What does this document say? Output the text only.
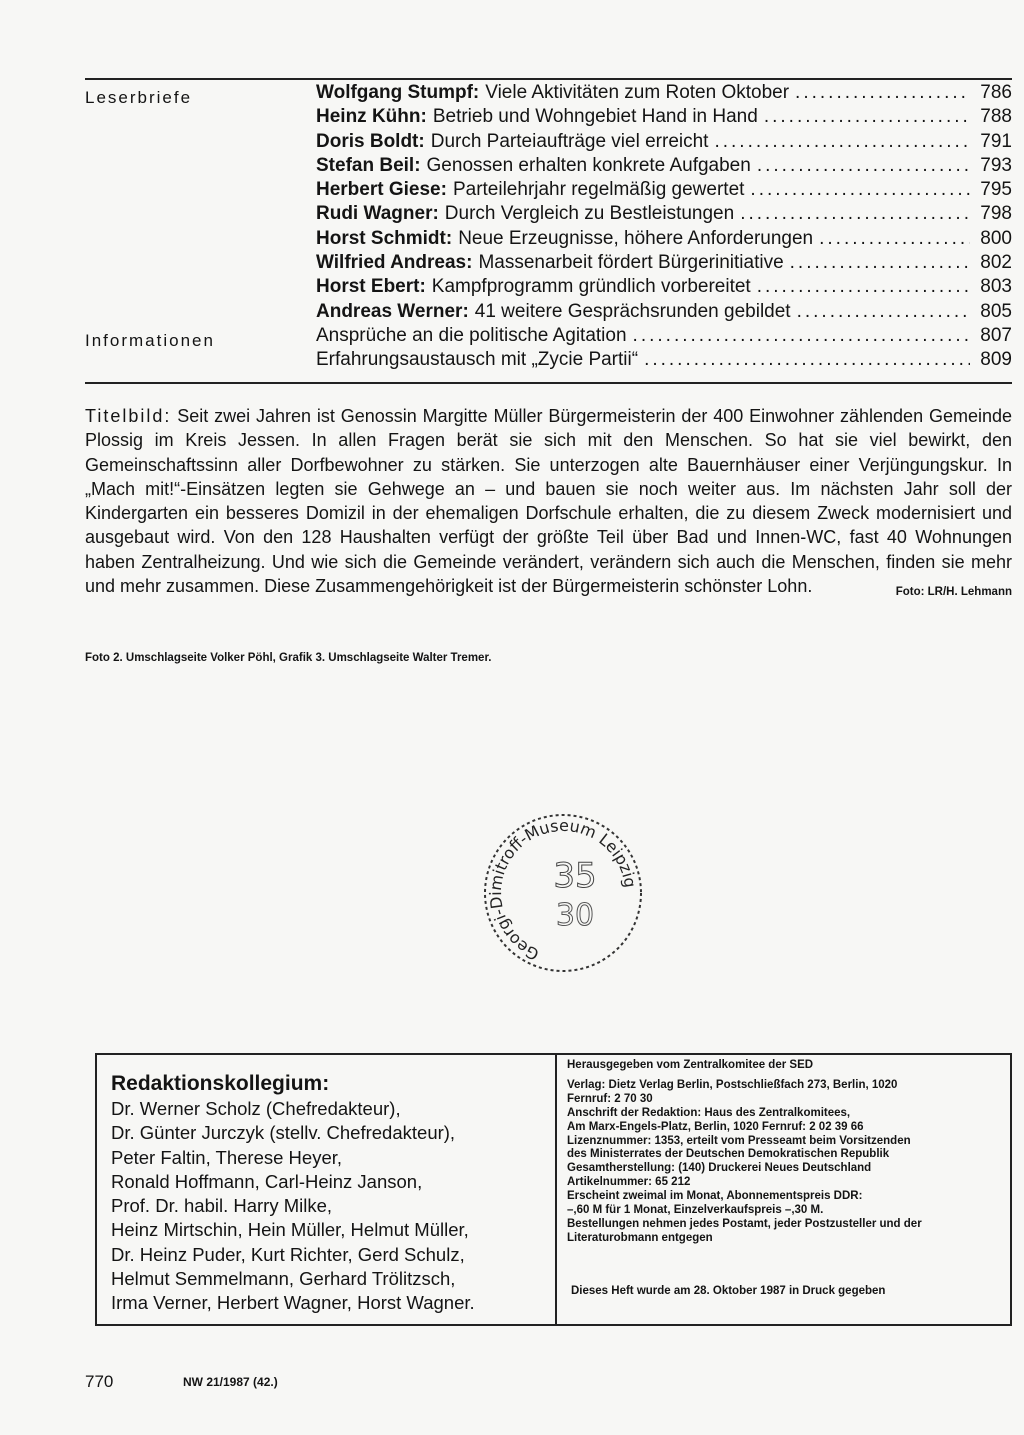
Leserbriefe	Wolfgang Stumpf : Viele Aktivitäten zum Roten Oktober .....	786
Heinz Kühn : Betrieb und Wohngebiet Hand in Hand .....	788
Doris Boldt : Durch Parteiaufträge viel erreicht .....	791
Stefan Beil : Genossen erhalten konkrete Aufgaben .....	793
Herbert Giese : Parteilehrjahr regelmäßig gewertet .....	795
Rudi Wagner : Durch Vergleich zu Bestleistungen .....	798
Horst Schmidt : Neue Erzeugnisse, höhere Anforderungen .....	800
Wilfried Andreas : Massenarbeit fördert Bürgerinitiative .....	802
Horst Ebert : Kampfprogramm gründlich vorbereitet .....	803
Andreas Werner : 41 weitere Gesprächsrunden gebildet .....	805
Informationen	Ansprüche an die politische Agitation .....	807
Erfahrungsaustausch mit „Zycie Partii“ .....	809
Titelbild: Seit zwei Jahren ist Genossin Margitte Müller Bürgermeisterin der 400 Einwohner zählenden Gemeinde Plossig im Kreis Jessen. In allen Fragen berät sie sich mit den Menschen. So hat sie viel bewirkt, den Gemeinschaftssinn aller Dorfbewohner zu stärken. Sie unterzogen alte Bauernhäuser einer Verjüngungskur. In „Mach mit!“-Einsätzen legten sie Gehwege an – und bauen sie noch weiter aus. Im nächsten Jahr soll der Kindergarten ein besseres Domizil in der ehemaligen Dorfschule erhalten, die zu diesem Zweck modernisiert und ausgebaut wird. Von den 128 Haushalten verfügt der größte Teil über Bad und Innen-WC, fast 40 Wohnungen haben Zentralheizung. Und wie sich die Gemeinde verändert, verändern sich auch die Menschen, finden sie mehr und mehr zusammen. Diese Zusammengehörigkeit ist der Bürgermeisterin schönster Lohn.	Foto: LR/H. Lehmann
Foto 2. Umschlagseite Volker Pöhl, Grafik 3. Umschlagseite Walter Tremer.
Georgi-Dimitroff-Museum Leipzig
35
30
Redaktionskollegium:
Dr. Werner Scholz (Chefredakteur),
Dr. Günter Jurczyk (stellv. Chefredakteur),
Peter Faltin, Therese Heyer,
Ronald Hoffmann, Carl-Heinz Janson,
Prof. Dr. habil. Harry Milke,
Heinz Mirtschin, Hein Müller, Helmut Müller,
Dr. Heinz Puder, Kurt Richter, Gerd Schulz,
Helmut Semmelmann, Gerhard Trölitzsch,
Irma Verner, Herbert Wagner, Horst Wagner.
Herausgegeben vom Zentralkomitee der SED
Verlag: Dietz Verlag Berlin, Postschließfach 273, Berlin, 1020
Fernruf: 2 70 30
Anschrift der Redaktion: Haus des Zentralkomitees,
Am Marx-Engels-Platz, Berlin, 1020 Fernruf: 2 02 39 66
Lizenznummer: 1353, erteilt vom Presseamt beim Vorsitzenden
des Ministerrates der Deutschen Demokratischen Republik
Gesamtherstellung: (140) Druckerei Neues Deutschland
Artikelnummer: 65 212
Erscheint zweimal im Monat, Abonnementspreis DDR:
–,60 M für 1 Monat, Einzelverkaufspreis –,30 M.
Bestellungen nehmen jedes Postamt, jeder Postzusteller und der
Literaturobmann entgegen
Dieses Heft wurde am 28. Oktober 1987 in Druck gegeben
770	NW 21/1987 (42.)
